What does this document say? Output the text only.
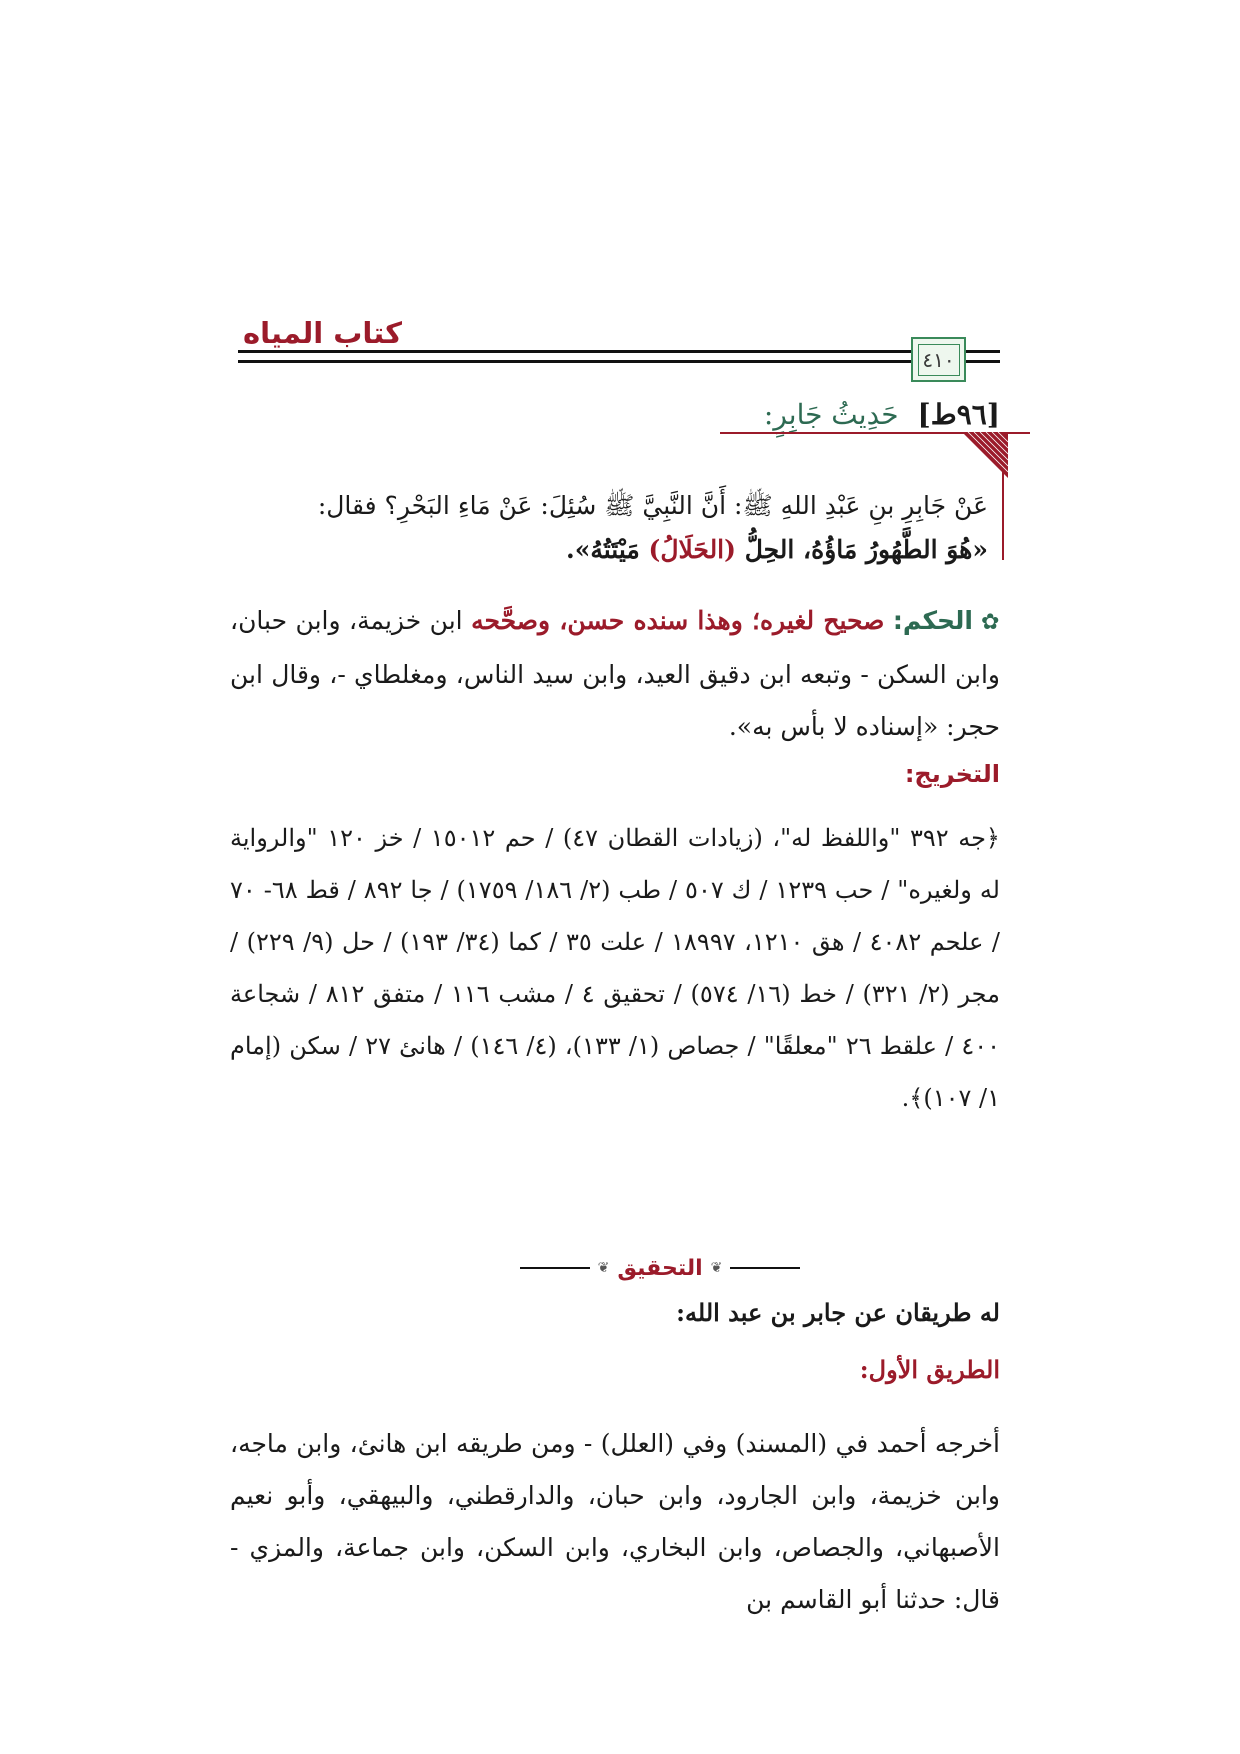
كتاب المياه
٤١٠
[٩٦ط] حَدِيثُ جَابِرٍ:
عَنْ جَابِرِ بنِ عَبْدِ اللهِ ﷺ: أَنَّ النَّبِيَّ ﷺ سُئِلَ: عَنْ مَاءِ البَحْرِ؟ فقال:
«هُوَ الطَّهُورُ مَاؤُهُ، الحِلُّ (الحَلَالُ) مَيْتَتُهُ».
✿الحكم: صحيح لغيره؛ وهذا سنده حسن، وصحَّحه ابن خزيمة، وابن حبان، وابن السكن - وتبعه ابن دقيق العيد، وابن سيد الناس، ومغلطاي -، وقال ابن حجر: «إسناده لا بأس به».
التخريج:
﴿جه ٣٩٢ "واللفظ له"، (زيادات القطان ٤٧) / حم ١٥٠١٢ / خز ١٢٠ "والرواية له ولغيره" / حب ١٢٣٩ / ك ٥٠٧ / طب (٢/ ١٨٦/ ١٧٥٩) / جا ٨٩٢ / قط ٦٨- ٧٠ / علحم ٤٠٨٢ / هق ١٢١٠، ١٨٩٩٧ / علت ٣٥ / كما (٣٤/ ١٩٣) / حل (٩/ ٢٢٩) / مجر (٢/ ٣٢١) / خط (١٦/ ٥٧٤) / تحقيق ٤ / مشب ١١٦ / متفق ٨١٢ / شجاعة ٤٠٠ / علقط ٢٦ "معلقًا" / جصاص (١/ ١٣٣)، (٤/ ١٤٦) / هانئ ٢٧ / سكن (إمام ١/ ١٠٧)﴾.
❦ التحقيق ❦
له طريقان عن جابر بن عبد الله:
الطريق الأول:
أخرجه أحمد في (المسند) وفي (العلل) - ومن طريقه ابن هانئ، وابن ماجه، وابن خزيمة، وابن الجارود، وابن حبان، والدارقطني، والبيهقي، وأبو نعيم الأصبهاني، والجصاص، وابن البخاري، وابن السكن، وابن جماعة، والمزي - قال: حدثنا أبو القاسم بن
